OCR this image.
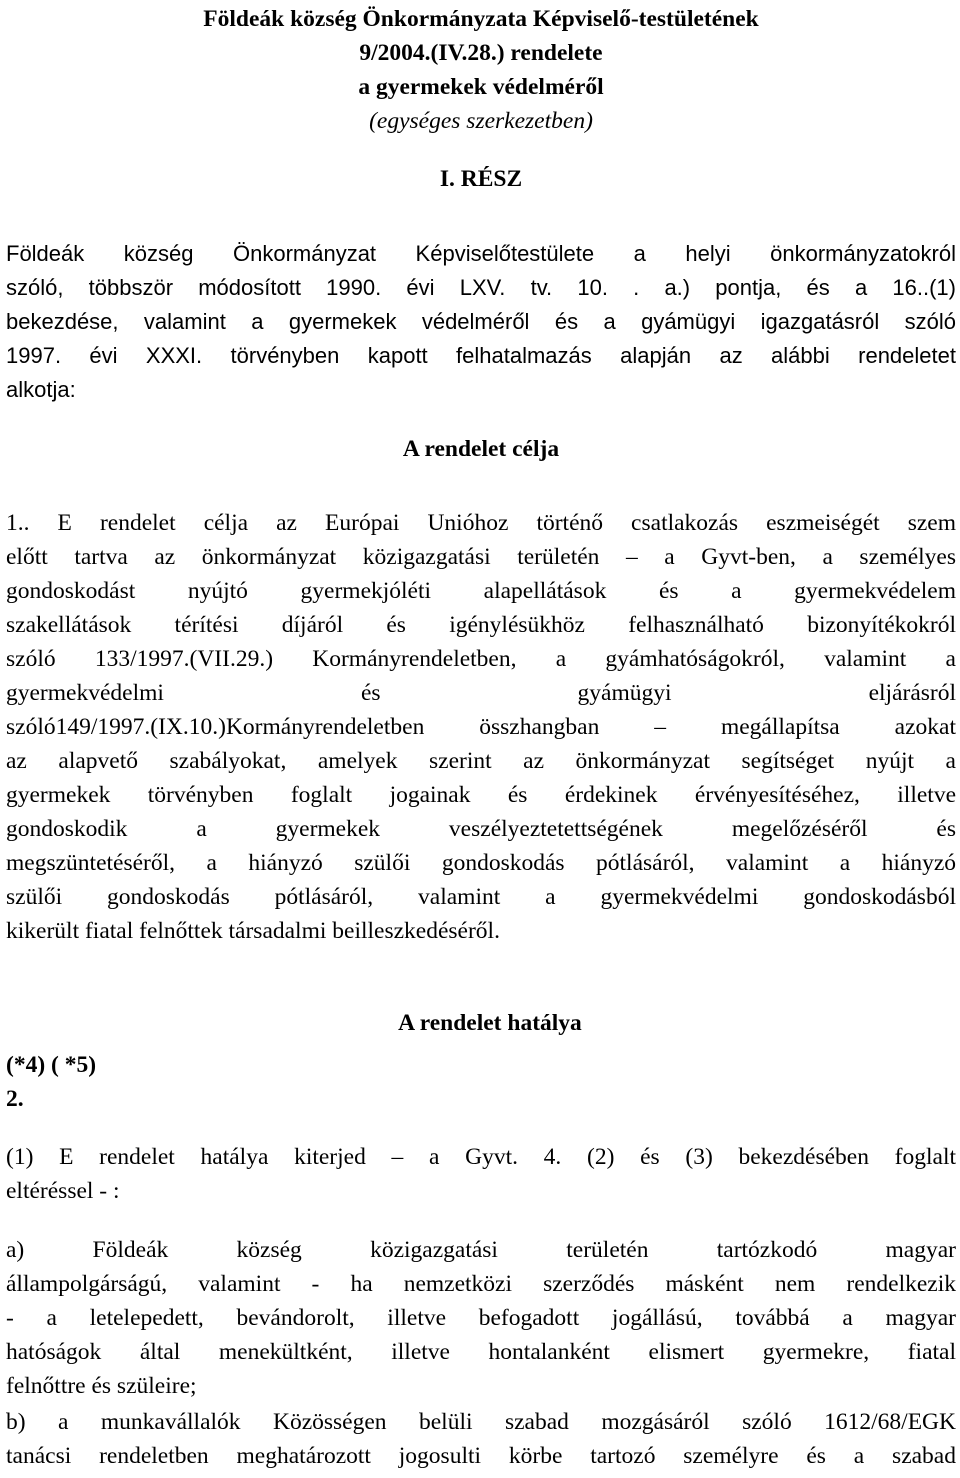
Földeák község Önkormányzata Képviselő-testületének
9/2004.(IV.28.) rendelete
a gyermekek védelméről
(egységes szerkezetben)
I. RÉSZ
Földeák község Önkormányzat Képviselőtestülete a helyi önkormányzatokról
szóló, többször módosított 1990. évi LXV. tv. 10. . a.) pontja, és a 16..(1)
bekezdése, valamint a gyermekek védelméről és a gyámügyi igazgatásról szóló
1997. évi XXXI. törvényben kapott felhatalmazás alapján az alábbi rendeletet
alkotja:
A rendelet célja
1.. E rendelet célja az Európai Unióhoz történő csatlakozás eszmeiségét szem
előtt tartva az önkormányzat közigazgatási területén – a Gyvt-ben, a személyes
gondoskodást nyújtó gyermekjóléti alapellátások és a gyermekvédelem
szakellátások térítési díjáról és igénylésükhöz felhasználható bizonyítékokról
szóló 133/1997.(VII.29.) Kormányrendeletben, a gyámhatóságokról, valamint a
gyermekvédelmi és gyámügyi eljárásról
szóló149/1997.(IX.10.)Kormányrendeletben összhangban – megállapítsa azokat
az alapvető szabályokat, amelyek szerint az önkormányzat segítséget nyújt a
gyermekek törvényben foglalt jogainak és érdekinek érvényesítéséhez, illetve
gondoskodik a gyermekek veszélyeztetettségének megelőzéséről és
megszüntetéséről, a hiányzó szülői gondoskodás pótlásáról, valamint a hiányzó
szülői gondoskodás pótlásáról, valamint a gyermekvédelmi gondoskodásból
kikerült fiatal felnőttek társadalmi beilleszkedéséről.
A rendelet hatálya
(*4) ( *5)
2.
(1) E rendelet hatálya kiterjed – a Gyvt. 4. (2) és (3) bekezdésében foglalt
eltéréssel - :
a) Földeák község közigazgatási területén tartózkodó magyar
állampolgárságú, valamint - ha nemzetközi szerződés másként nem rendelkezik
- a letelepedett, bevándorolt, illetve befogadott jogállású, továbbá a magyar
hatóságok által menekültként, illetve hontalanként elismert gyermekre, fiatal
felnőttre és szüleire;
b) a munkavállalók Közösségen belüli szabad mozgásáról szóló 1612/68/EGK
tanácsi rendeletben meghatározott jogosulti körbe tartozó személyre és a szabad
